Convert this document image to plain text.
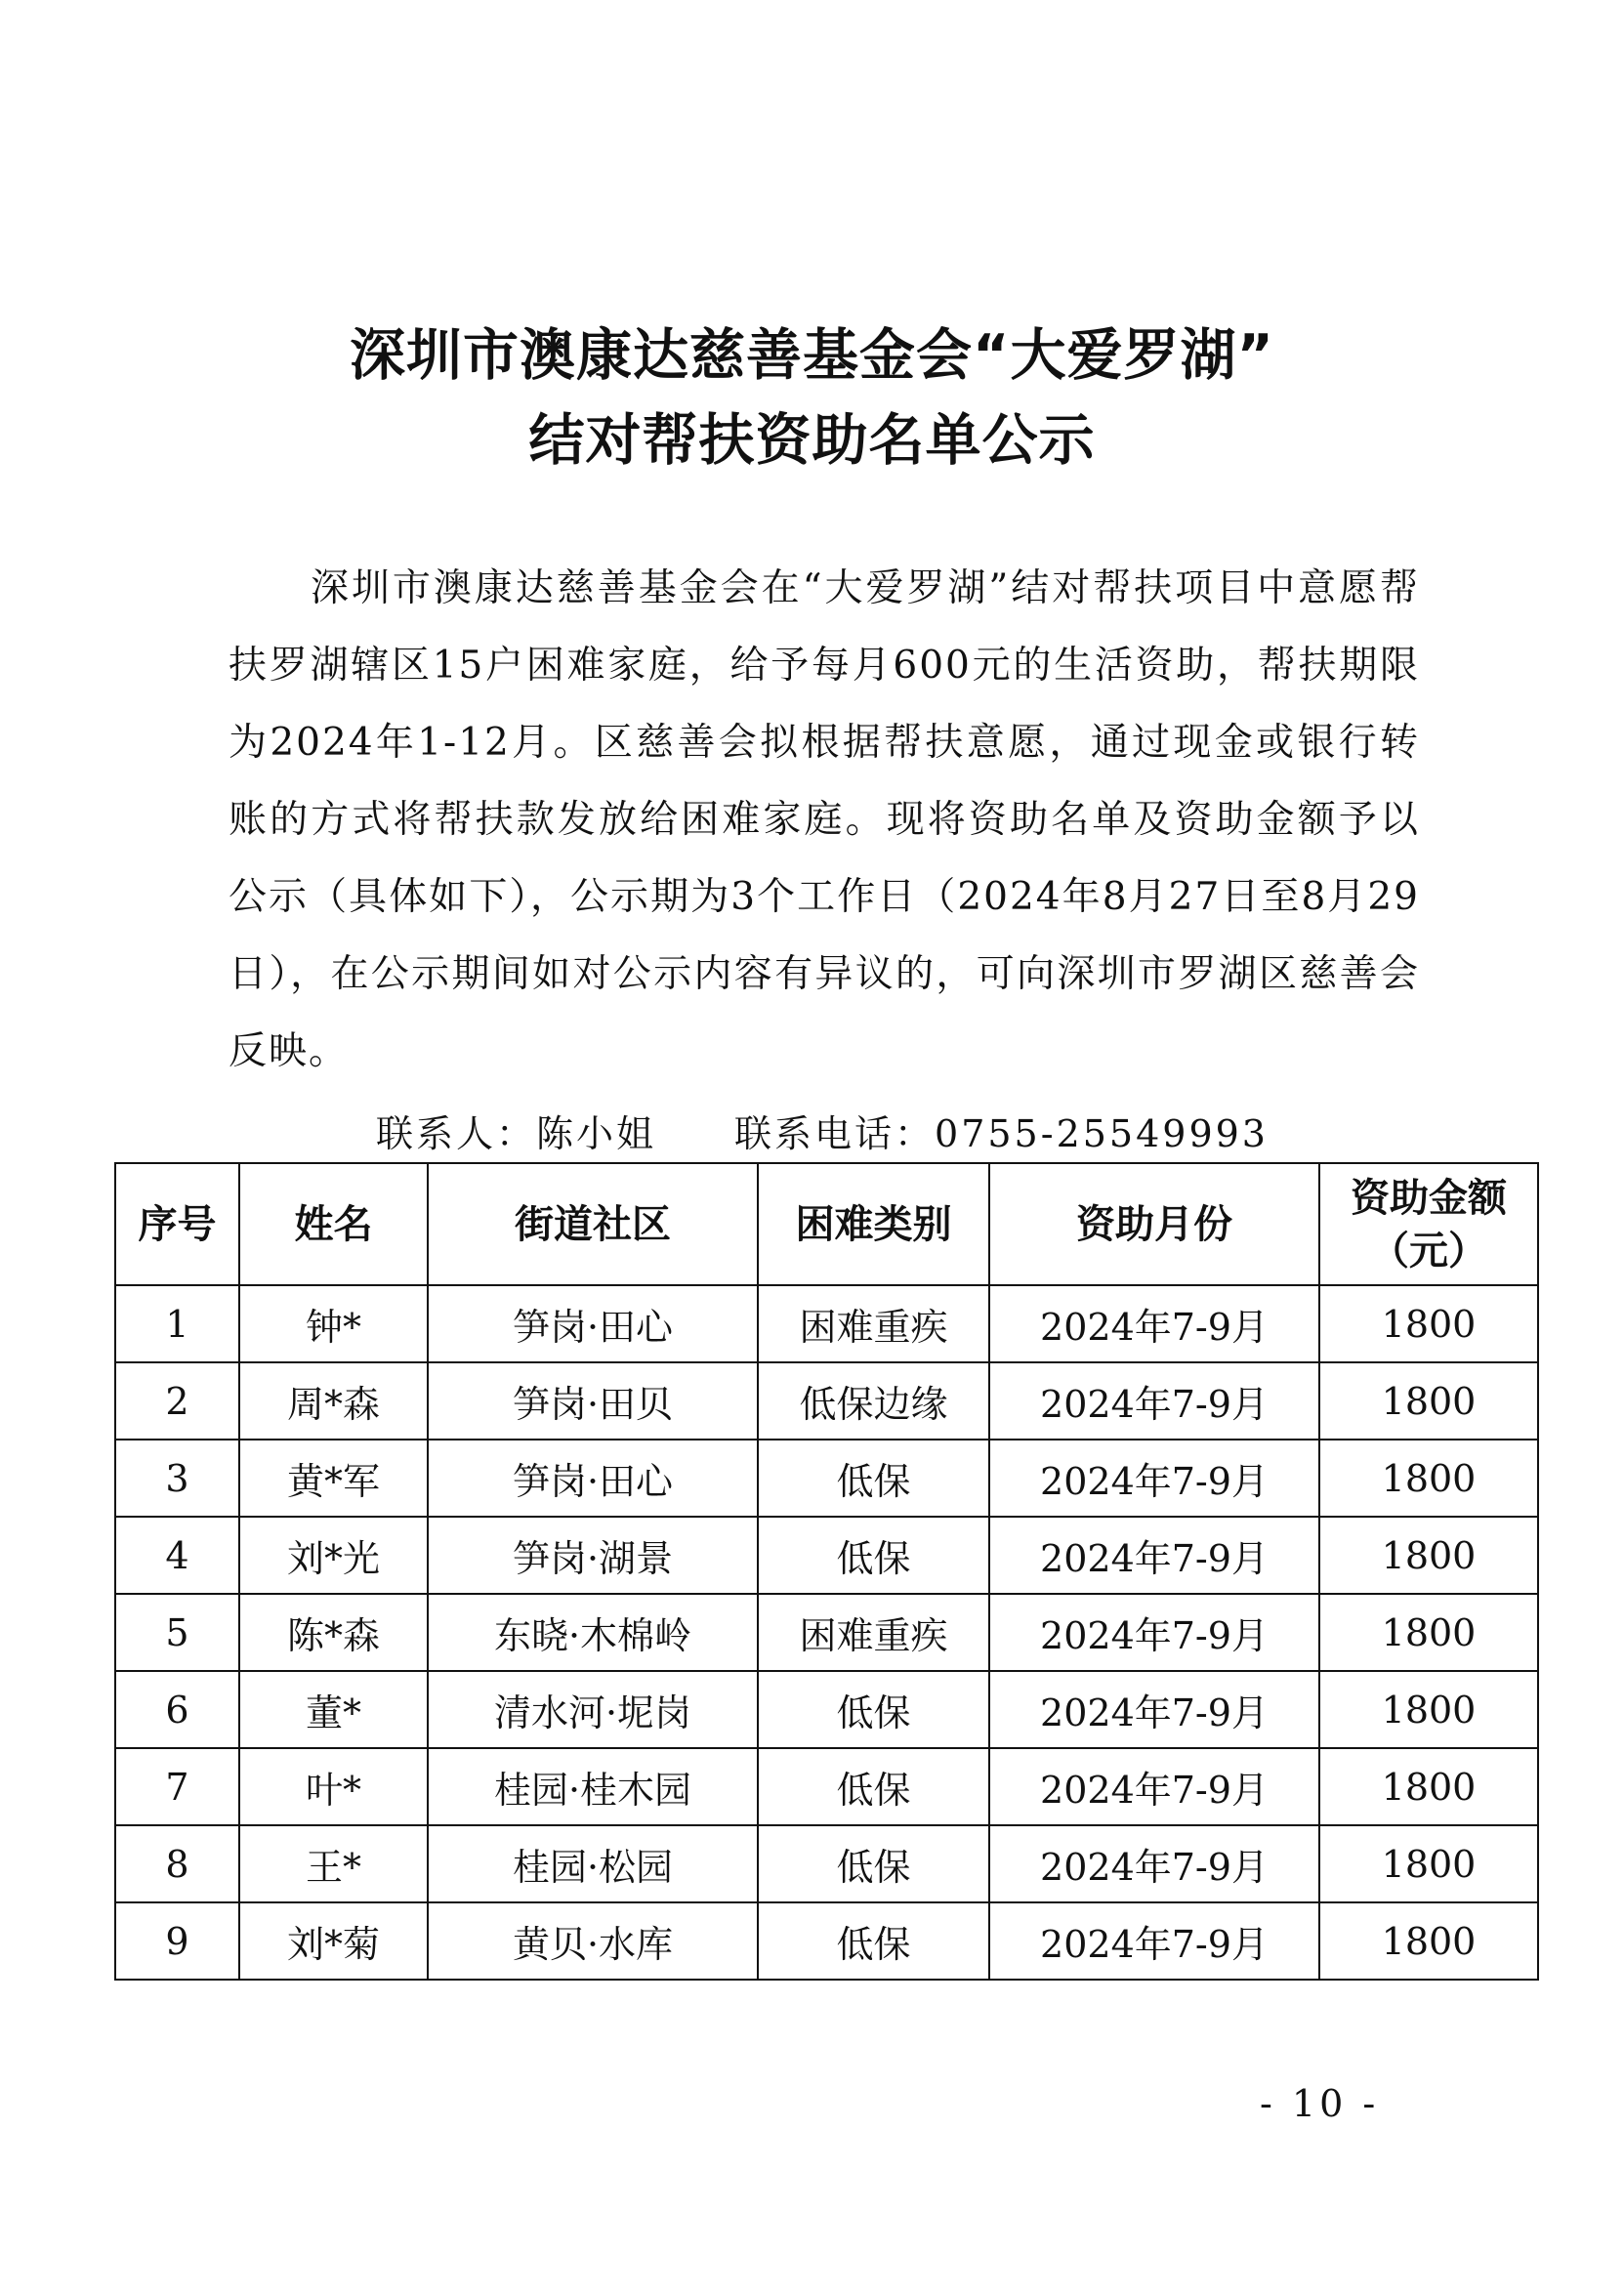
深圳市澳康达慈善基金会“大爱罗湖”
结对帮扶资助名单公示

深圳市澳康达慈善基金会在“大爱罗湖”结对帮扶项目中意愿帮扶罗湖辖区15户困难家庭，给予每月600元的生活资助，帮扶期限为2024年1-12月。区慈善会拟根据帮扶意愿，通过现金或银行转账的方式将帮扶款发放给困难家庭。现将资助名单及资助金额予以公示（具体如下），公示期为3个工作日（2024年8月27日至8月29日），在公示期间如对公示内容有异议的，可向深圳市罗湖区慈善会反映。

联系人：陈小姐 联系电话：0755-25549993
序号	姓名	街道社区	困难类别	资助月份	资助金额（元）
1	钟*	笋岗·田心	困难重疾	2024年7-9月	1800
2	周*森	笋岗·田贝	低保边缘	2024年7-9月	1800
3	黄*军	笋岗·田心	低保	2024年7-9月	1800
4	刘*光	笋岗·湖景	低保	2024年7-9月	1800
5	陈*森	东晓·木棉岭	困难重疾	2024年7-9月	1800
6	董*	清水河·坭岗	低保	2024年7-9月	1800
7	叶*	桂园·桂木园	低保	2024年7-9月	1800
8	王*	桂园·松园	低保	2024年7-9月	1800
9	刘*菊	黄贝·水库	低保	2024年7-9月	1800
- 10 -
